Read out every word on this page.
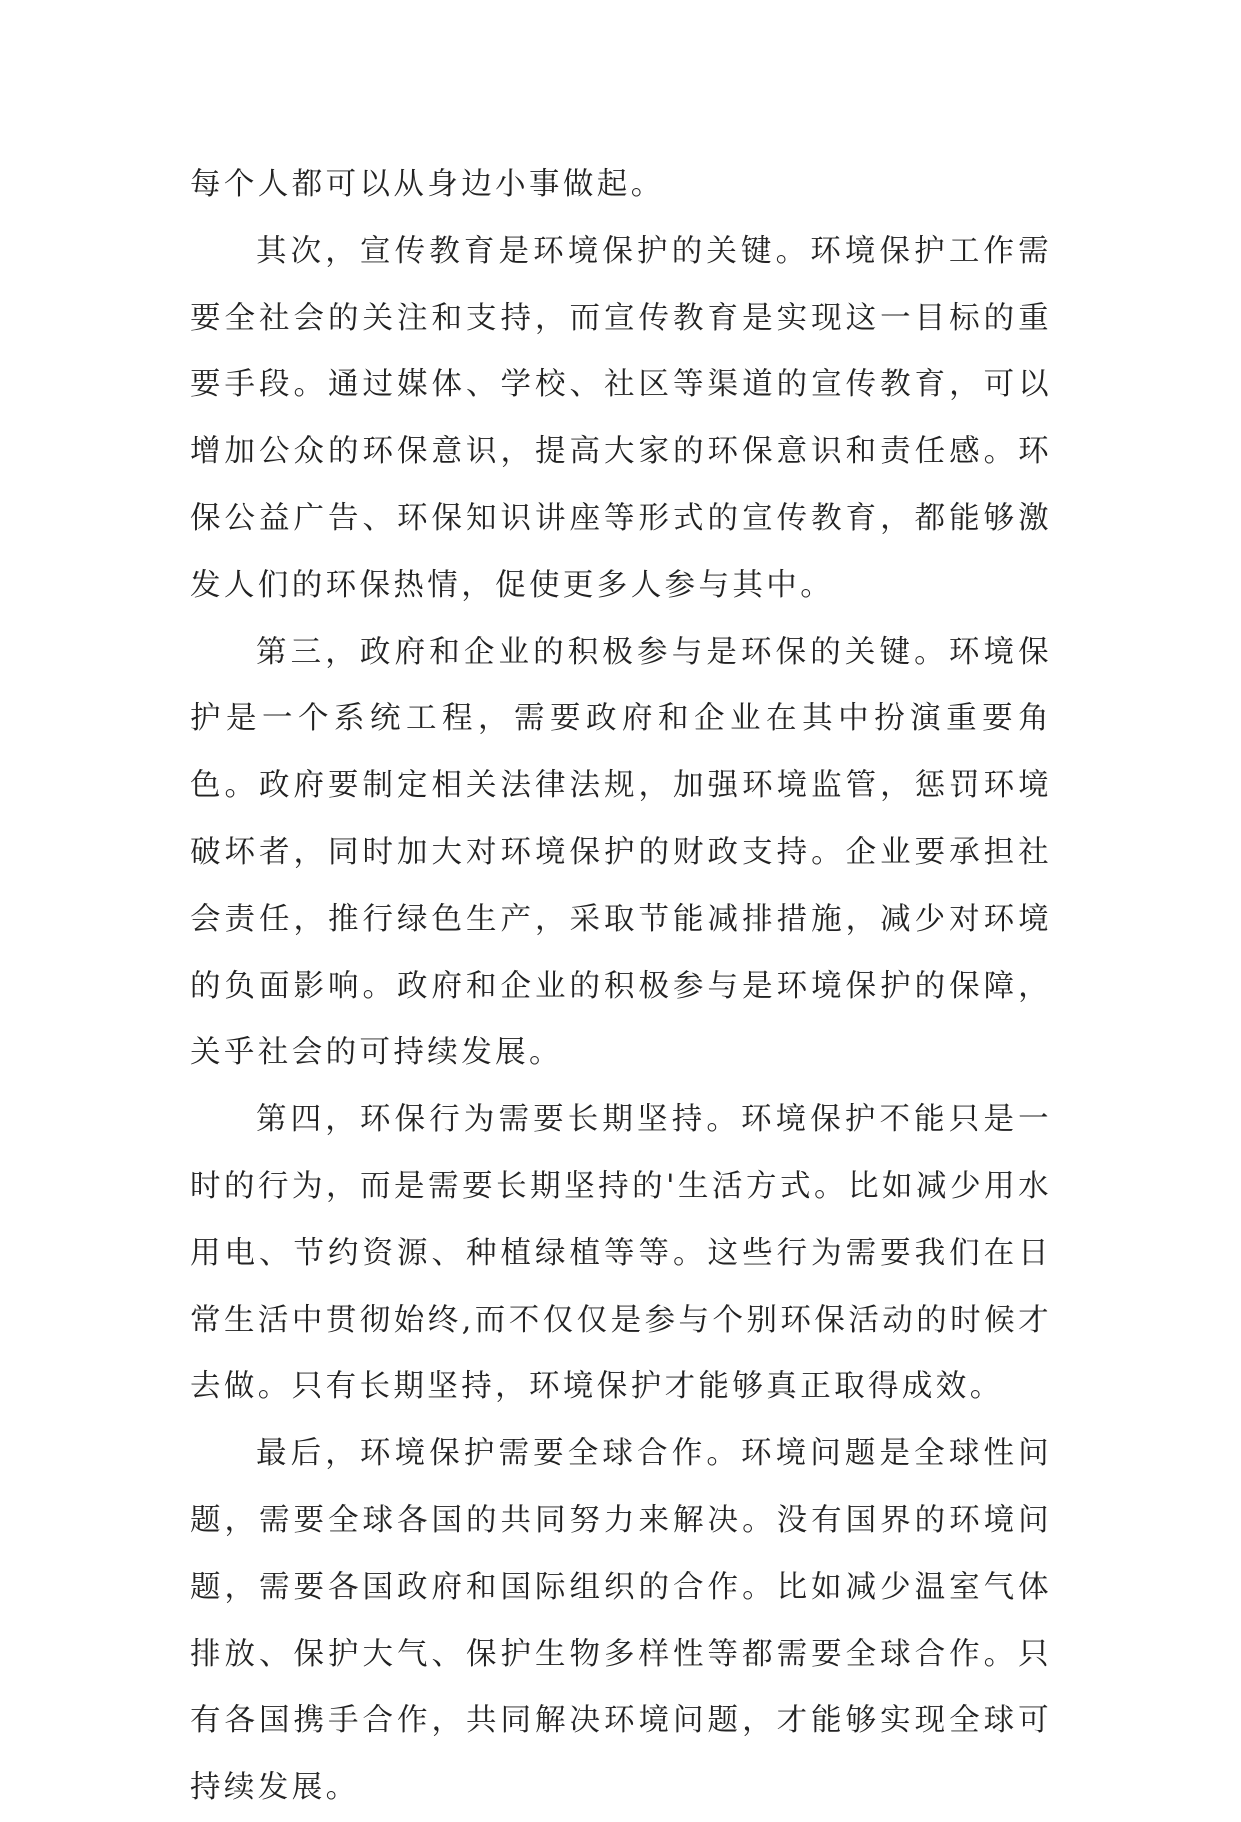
每个人都可以从身边小事做起。

其次，宣传教育是环境保护的关键。环境保护工作需要全社会的关注和支持，而宣传教育是实现这一目标的重要手段。通过媒体、学校、社区等渠道的宣传教育，可以增加公众的环保意识，提高大家的环保意识和责任感。环保公益广告、环保知识讲座等形式的宣传教育，都能够激发人们的环保热情，促使更多人参与其中。

第三，政府和企业的积极参与是环保的关键。环境保护是一个系统工程，需要政府和企业在其中扮演重要角色。政府要制定相关法律法规，加强环境监管，惩罚环境破坏者，同时加大对环境保护的财政支持。企业要承担社会责任，推行绿色生产，采取节能减排措施，减少对环境的负面影响。政府和企业的积极参与是环境保护的保障，关乎社会的可持续发展。

第四，环保行为需要长期坚持。环境保护不能只是一时的行为，而是需要长期坚持的'生活方式。比如减少用水用电、节约资源、种植绿植等等。这些行为需要我们在日常生活中贯彻始终,而不仅仅是参与个别环保活动的时候才去做。只有长期坚持，环境保护才能够真正取得成效。

最后，环境保护需要全球合作。环境问题是全球性问题，需要全球各国的共同努力来解决。没有国界的环境问题，需要各国政府和国际组织的合作。比如减少温室气体排放、保护大气、保护生物多样性等都需要全球合作。只有各国携手合作，共同解决环境问题，才能够实现全球可持续发展。
